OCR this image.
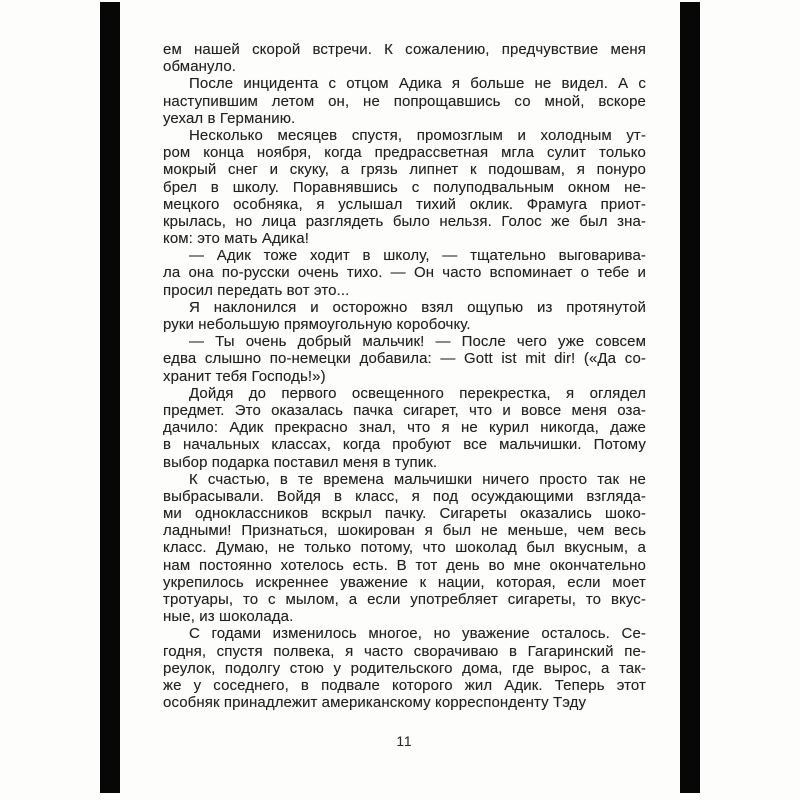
ем нашей скорой встречи. К сожалению, предчувствие меня
обмануло.
После инцидента с отцом Адика я больше не видел. А с
наступившим летом он, не попрощавшись со мной, вскоре
уехал в Германию.
Несколько месяцев спустя, промозглым и холодным ут-
ром конца ноября, когда предрассветная мгла сулит только
мокрый снег и скуку, а грязь липнет к подошвам, я понуро
брел в школу. Поравнявшись с полуподвальным окном не-
мецкого особняка, я услышал тихий оклик. Фрамуга приот-
крылась, но лица разглядеть было нельзя. Голос же был зна-
ком: это мать Адика!
— Адик тоже ходит в школу, — тщательно выговарива-
ла она по-русски очень тихо. — Он часто вспоминает о тебе и
просил передать вот это...
Я наклонился и осторожно взял ощупью из протянутой
руки небольшую прямоугольную коробочку.
— Ты очень добрый мальчик! — После чего уже совсем
едва слышно по-немецки добавила: — Gott ist mit dir! («Да со-
хранит тебя Господь!»)
Дойдя до первого освещенного перекрестка, я оглядел
предмет. Это оказалась пачка сигарет, что и вовсе меня оза-
дачило: Адик прекрасно знал, что я не курил никогда, даже
в начальных классах, когда пробуют все мальчишки. Потому
выбор подарка поставил меня в тупик.
К счастью, в те времена мальчишки ничего просто так не
выбрасывали. Войдя в класс, я под осуждающими взгляда-
ми одноклассников вскрыл пачку. Сигареты оказались шоко-
ладными! Признаться, шокирован я был не меньше, чем весь
класс. Думаю, не только потому, что шоколад был вкусным, а
нам постоянно хотелось есть. В тот день во мне окончательно
укрепилось искреннее уважение к нации, которая, если моет
тротуары, то с мылом, а если употребляет сигареты, то вкус-
ные, из шоколада.
С годами изменилось многое, но уважение осталось. Се-
годня, спустя полвека, я часто сворачиваю в Гагаринский пе-
реулок, подолгу стою у родительского дома, где вырос, а так-
же у соседнего, в подвале которого жил Адик. Теперь этот
особняк принадлежит американскому корреспонденту Тэду
11
